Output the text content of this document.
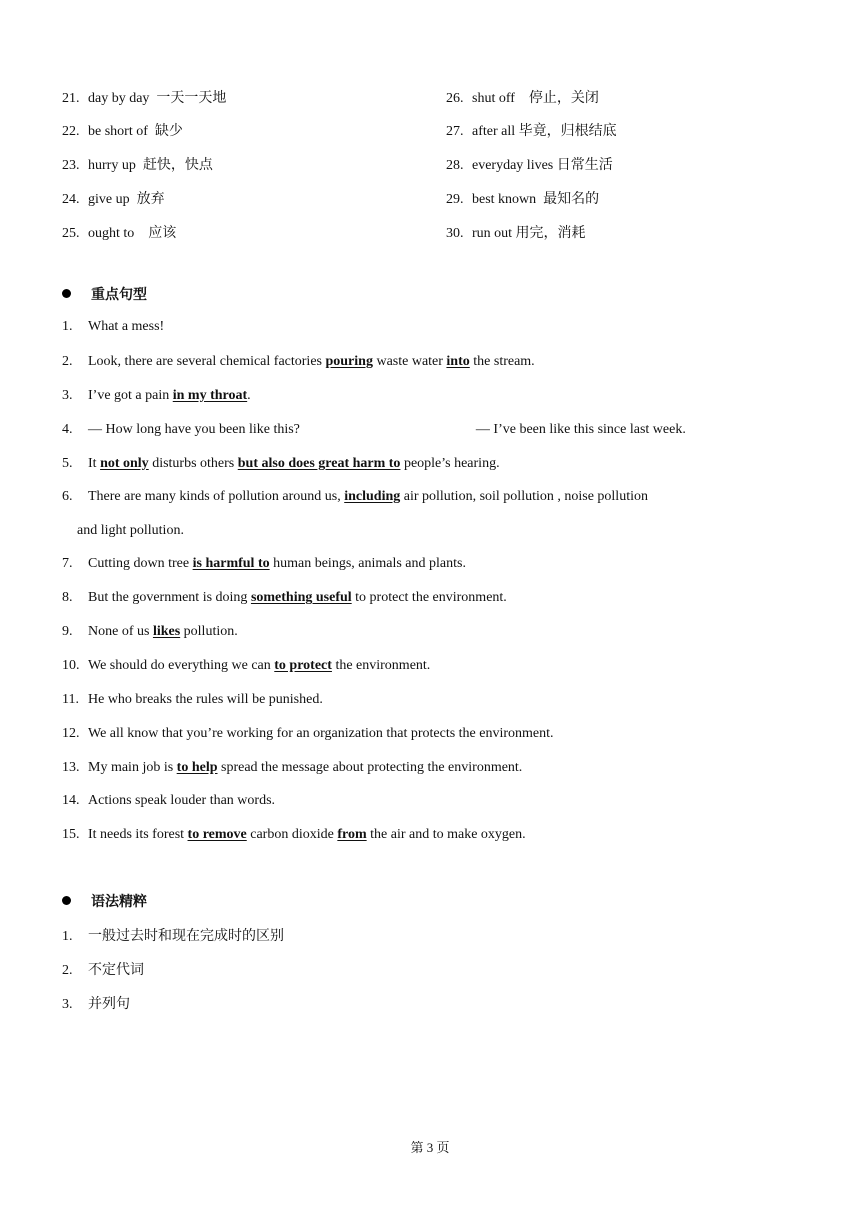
21. day by day  一天一天地	26. shut off    停止，关闭
22. be short of  缺少	27. after all 毕竟，归根结底
23. hurry up  赶快，快点	28. everyday lives 日常生活
24. give up  放弃	29. best known  最知名的
25. ought to    应该	30. run out 用完，消耗
重点句型
1. What a mess!
2. Look, there are several chemical factories pouring waste water into the stream.
3. I’ve got a pain in my throat.
4. — How long have you been like this?	— I’ve been like this since last week.
5. It not only disturbs others but also does great harm to people’s hearing.
6. There are many kinds of pollution around us, including air pollution, soil pollution , noise pollution
and light pollution.
7. Cutting down tree is harmful to human beings, animals and plants.
8. But the government is doing something useful to protect the environment.
9. None of us likes pollution.
10. We should do everything we can to protect the environment.
11. He who breaks the rules will be punished.
12. We all know that you’re working for an organization that protects the environment.
13. My main job is to help spread the message about protecting the environment.
14. Actions speak louder than words.
15. It needs its forest to remove carbon dioxide from the air and to make oxygen.
语法精粹
1. 一般过去时和现在完成时的区别
2. 不定代词
3. 并列句
第 3 页
